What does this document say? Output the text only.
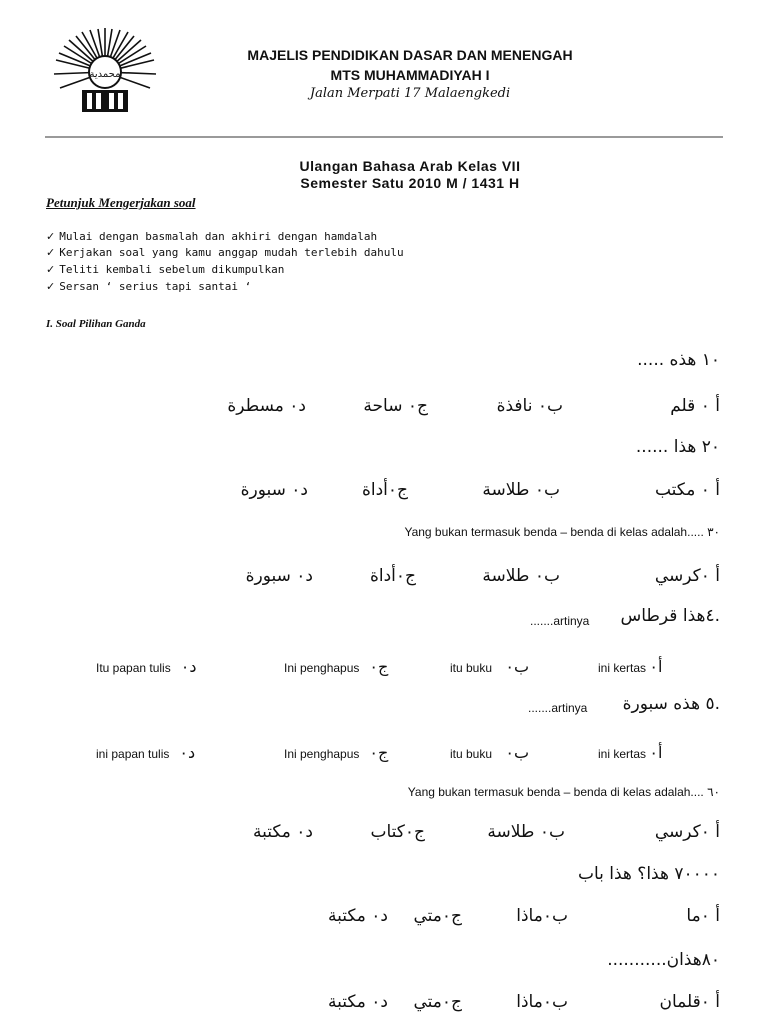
محمدية
MAJELIS PENDIDIKAN DASAR DAN MENENGAH
MTS MUHAMMADIYAH I
Jalan Merpati 17 Malaengkedi
Ulangan Bahasa Arab Kelas VII
Semester Satu 2010 M / 1431 H
Petunjuk Mengerjakan soal
✓ Mulai dengan basmalah dan akhiri dengan hamdalah
✓ Kerjakan soal yang kamu anggap mudah terlebih dahulu
✓ Teliti kembali sebelum dikumpulkan
✓ Sersan ‘ serius tapi santai ‘
I. Soal Pilihan Ganda
١٠ هذه .....
أ ٠ قلم
ب٠ نافذة
ج٠ ساحة
د٠ مسطرة
٢٠ هذا ......
أ ٠ مكتب
ب٠ طلاسة
ج٠أداة
د٠ سبورة
Yang bukan termasuk benda – benda di kelas adalah..... ٣٠
أ ٠كرسي
ب٠ طلاسة
ج٠أداة
د٠ سبورة
.٤هذا قرطاس
.......artinya
ini kertas أ٠
itu buku ب٠
Ini penghapus ج٠
Itu papan tulis د٠
.٥ هذه سبورة
.......artinya
ini kertas أ٠
itu buku ب٠
Ini penghapus ج٠
ini papan tulis د٠
Yang bukan termasuk benda – benda di kelas adalah.... ٦٠
أ ٠كرسي
ب٠ طلاسة
ج٠كتاب
د٠ مكتبة
٧٠٠٠٠ هذا؟ هذا باب
أ ٠ما
ب٠ماذا
ج٠متي
د٠ مكتبة
٨٠هذان...........
أ ٠قلمان
ب٠ماذا
ج٠متي
د٠ مكتبة
